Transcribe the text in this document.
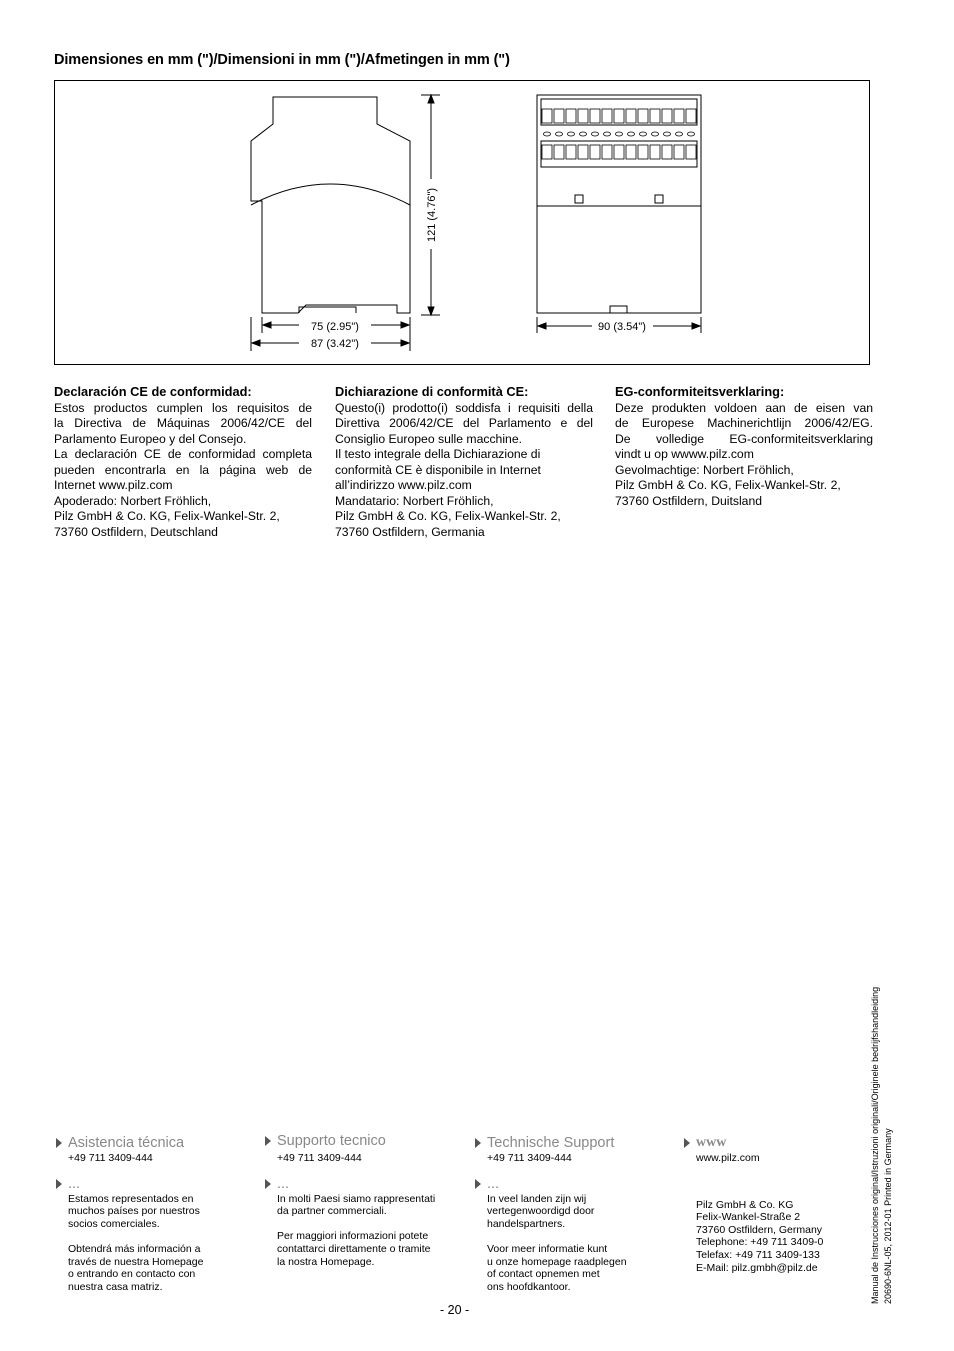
Dimensiones en mm (")/Dimensioni in mm (")/Afmetingen in mm (")
121 (4.76")
75 (2.95")
87 (3.42")
90 (3.54")
Declaración CE de conformidad:
Estos productos cumplen los requisitos de
la Directiva de Máquinas 2006/42/CE del
Parlamento Europeo y del Consejo.
La declaración CE de conformidad completa
pueden encontrarla en la página web de
Internet www.pilz.com
Apoderado: Norbert Fröhlich,
Pilz GmbH & Co. KG, Felix-Wankel-Str. 2,
73760 Ostfildern, Deutschland
Dichiarazione di conformità CE:
Questo(i) prodotto(i) soddisfa i requisiti della
Direttiva 2006/42/CE del Parlamento e del
Consiglio Europeo sulle macchine.
Il testo integrale della Dichiarazione di
conformità CE è disponibile in Internet
all’indirizzo www.pilz.com
Mandatario: Norbert Fröhlich,
Pilz GmbH & Co. KG, Felix-Wankel-Str. 2,
73760 Ostfildern, Germania
EG-conformiteitsverklaring:
Deze produkten voldoen aan de eisen van
de Europese Machinerichtlijn 2006/42/EG.
De volledige EG-conformiteitsverklaring
vindt u op wwww.pilz.com
Gevolmachtige: Norbert Fröhlich,
Pilz GmbH & Co. KG, Felix-Wankel-Str. 2,
73760 Ostfildern, Duitsland
Asistencia técnica
+49 711 3409-444
...
Estamos representados en
muchos países por nuestros
socios comerciales.
Obtendrá más información a
través de nuestra Homepage
o entrando en contacto con
nuestra casa matriz.
Supporto tecnico
+49 711 3409-444
...
In molti Paesi siamo rappresentati
da partner commerciali.
Per maggiori informazioni potete
contattarci direttamente o tramite
la nostra Homepage.
Technische Support
+49 711 3409-444
...
In veel landen zijn wij
vertegenwoordigd door
handelspartners.
Voor meer informatie kunt
u onze homepage raadplegen
of contact opnemen met
ons hoofdkantoor.
www
www.pilz.com
Pilz GmbH & Co. KG
Felix-Wankel-Straße 2
73760 Ostfildern, Germany
Telephone: +49 711 3409-0
Telefax: +49 711 3409-133
E-Mail: pilz.gmbh@pilz.de
- 20 -
Manual de Instrucciones original/Istruzioni originali/Originele bedrijfshandleiding 20690-6NL-05, 2012-01 Printed in Germany
